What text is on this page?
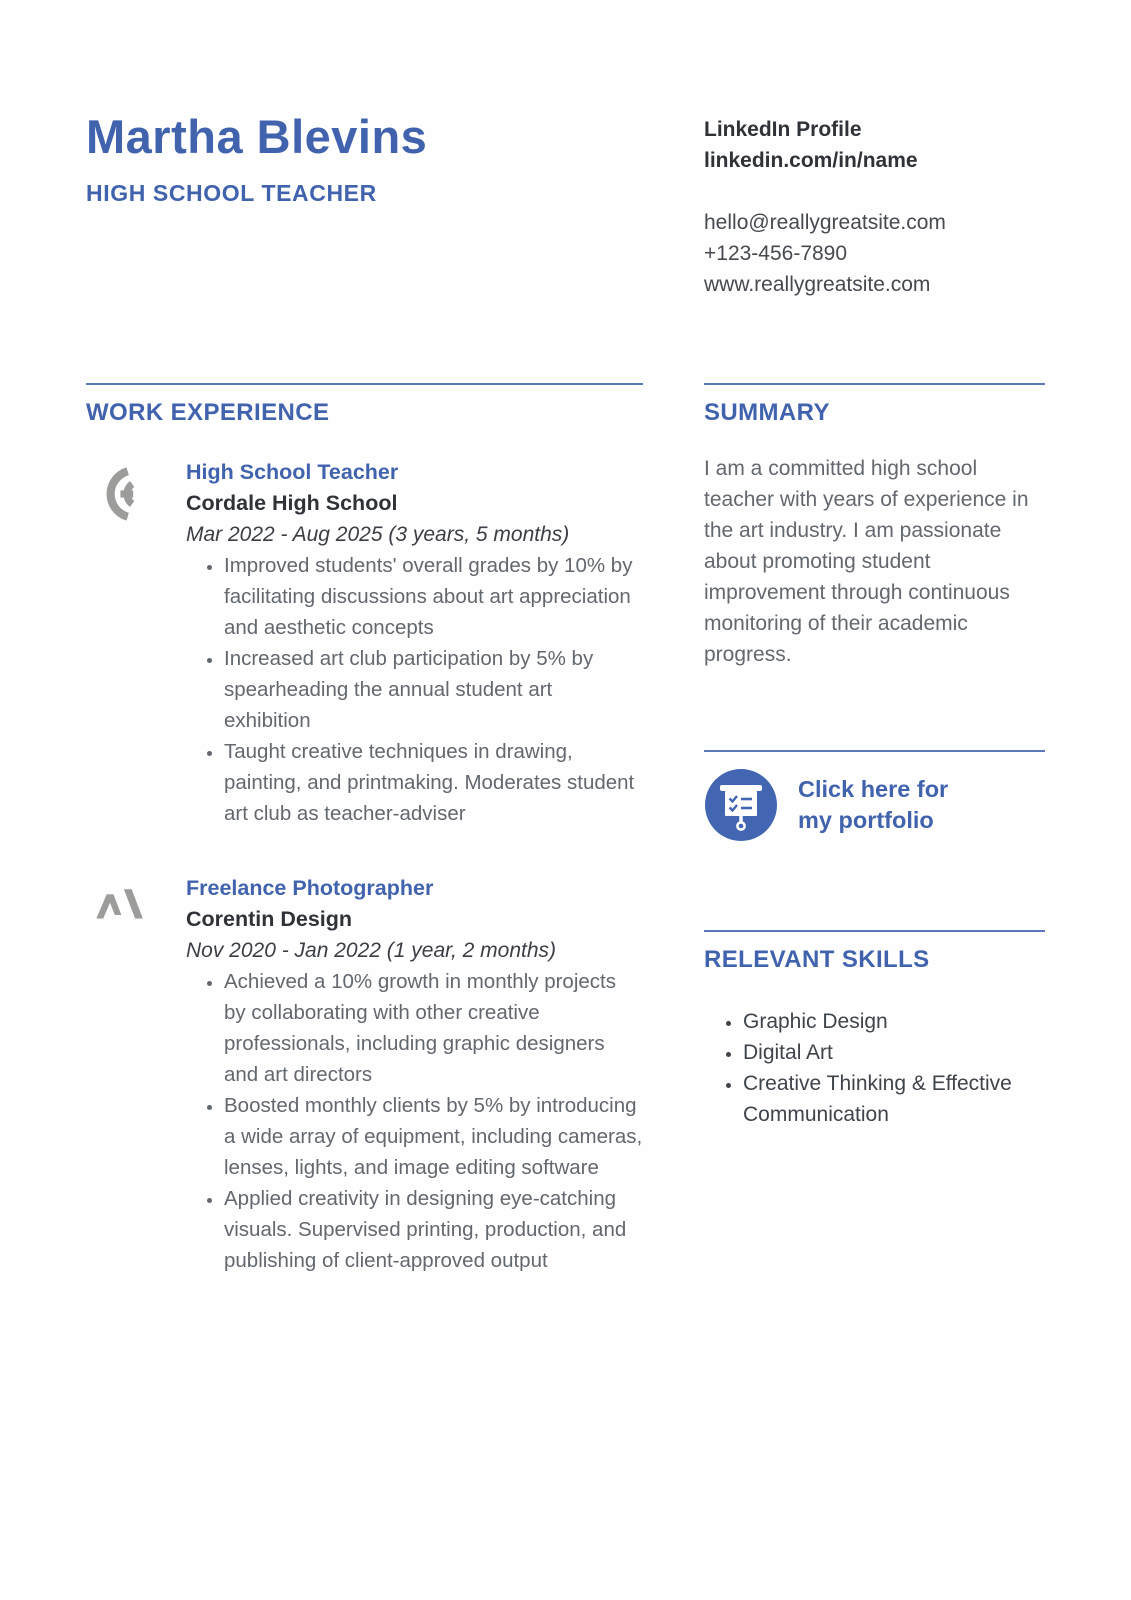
Martha Blevins
HIGH SCHOOL TEACHER
LinkedIn Profile
linkedin.com/in/name
hello@reallygreatsite.com
+123-456-7890
www.reallygreatsite.com
WORK EXPERIENCE
High School Teacher
Cordale High School
Mar 2022 - Aug 2025 (3 years, 5 months)
• Improved students' overall grades by 10% by facilitating discussions about art appreciation and aesthetic concepts
• Increased art club participation by 5% by spearheading the annual student art exhibition
• Taught creative techniques in drawing, painting, and printmaking. Moderates student art club as teacher-adviser
Freelance Photographer
Corentin Design
Nov 2020 - Jan 2022 (1 year, 2 months)
• Achieved a 10% growth in monthly projects by collaborating with other creative professionals, including graphic designers and art directors
• Boosted monthly clients by 5% by introducing a wide array of equipment, including cameras, lenses, lights, and image editing software
• Applied creativity in designing eye-catching visuals. Supervised printing, production, and publishing of client-approved output
SUMMARY

I am a committed high school teacher with years of experience in the art industry. I am passionate about promoting student improvement through continuous monitoring of their academic progress.

Click here for
my portfolio
RELEVANT SKILLS
• Graphic Design
• Digital Art
• Creative Thinking & Effective Communication
